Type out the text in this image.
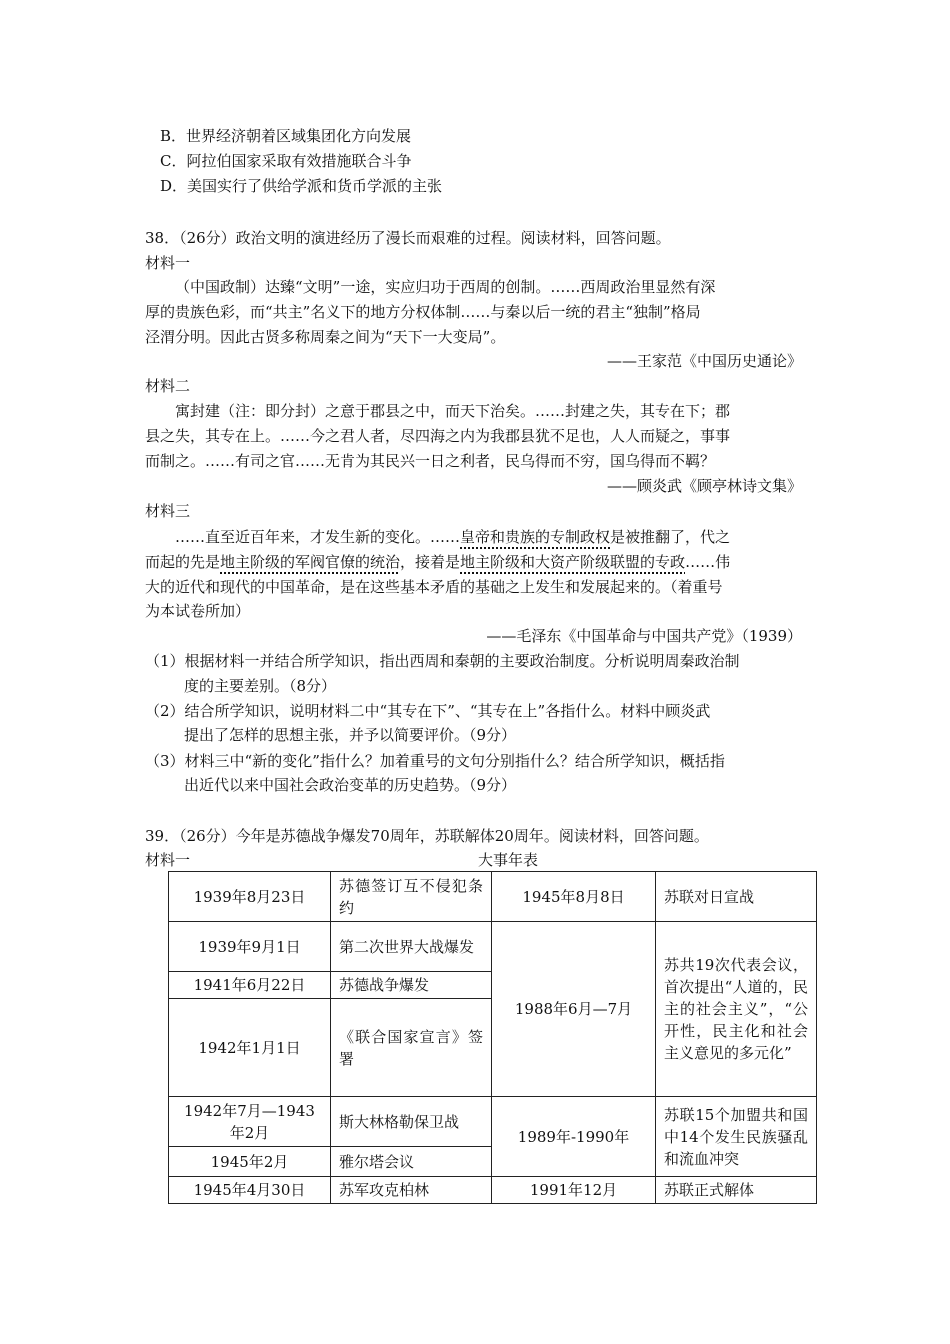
B．世界经济朝着区域集团化方向发展
C．阿拉伯国家采取有效措施联合斗争
D．美国实行了供给学派和货币学派的主张
38．（26分）政治文明的演进经历了漫长而艰难的过程。阅读材料，回答问题。
材料一
（中国政制）达臻“文明”一途，实应归功于西周的创制。……西周政治里显然有深
厚的贵族色彩，而“共主”名义下的地方分权体制……与秦以后一统的君主“独制”格局
泾渭分明。因此古贤多称周秦之间为“天下一大变局”。
——王家范《中国历史通论》
材料二
寓封建（注：即分封）之意于郡县之中，而天下治矣。……封建之失，其专在下；郡
县之失，其专在上。……今之君人者，尽四海之内为我郡县犹不足也，人人而疑之，事事
而制之。……有司之官……无肯为其民兴一日之利者，民乌得而不穷，国乌得而不羁？
——顾炎武《顾亭林诗文集》
材料三
……直至近百年来，才发生新的变化。……皇帝和贵族的专制政权是被推翻了，代之
而起的先是地主阶级的军阀官僚的统治，接着是地主阶级和大资产阶级联盟的专政……伟
大的近代和现代的中国革命，是在这些基本矛盾的基础之上发生和发展起来的。（着重号
为本试卷所加）
——毛泽东《中国革命与中国共产党》（1939）
（1）根据材料一并结合所学知识，指出西周和秦朝的主要政治制度。分析说明周秦政治制
度的主要差别。（8分）
（2）结合所学知识，说明材料二中“其专在下”、“其专在上”各指什么。材料中顾炎武
提出了怎样的思想主张，并予以简要评价。（9分）
（3）材料三中“新的变化”指什么？加着重号的文句分别指什么？结合所学知识，概括指
出近代以来中国社会政治变革的历史趋势。（9分）
39．（26分）今年是苏德战争爆发70周年，苏联解体20周年。阅读材料，回答问题。
材料一	大事年表
1939年8月23日	苏德签订互不侵犯条约	1945年8月8日	苏联对日宣战
1939年9月1日	第二次世界大战爆发	1988年6月—7月	苏共19次代表会议，首次提出“人道的，民主的社会主义”，“公开性，民主化和社会主义意见的多元化”
1941年6月22日	苏德战争爆发		
1942年1月1日	《联合国家宣言》签署		
1942年7月—1943年2月	斯大林格勒保卫战	1989年-1990年	苏联15个加盟共和国中14个发生民族骚乱和流血冲突
1945年2月	雅尔塔会议		
1945年4月30日	苏军攻克柏林	1991年12月	苏联正式解体
